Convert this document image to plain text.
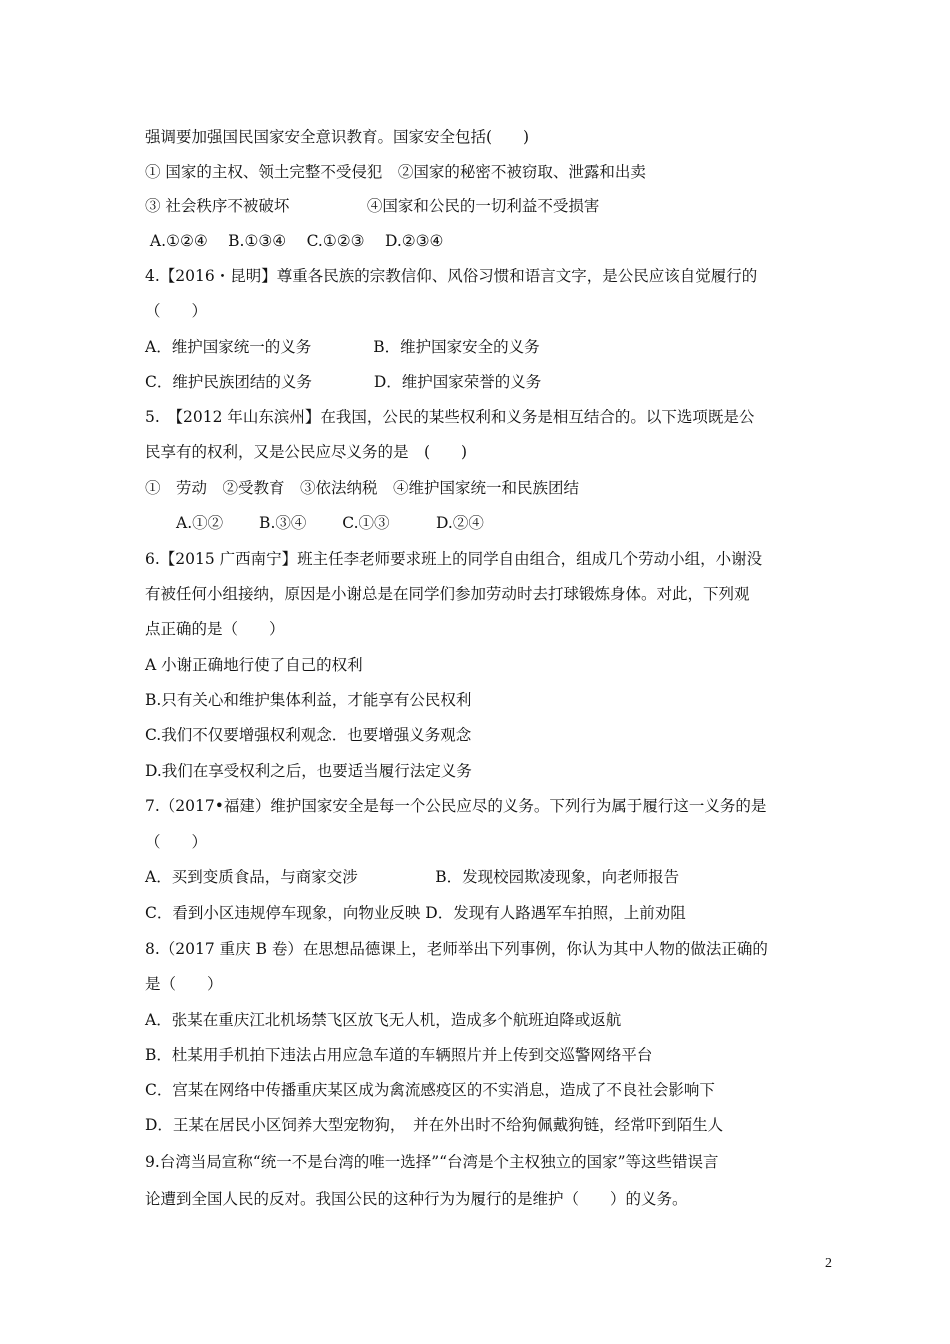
强调要加强国民国家安全意识教育。国家安全包括(　　)
① 国家的主权、领土完整不受侵犯　②国家的秘密不被窃取、泄露和出卖
③ 社会秩序不被破坏　　　　　④国家和公民的一切利益不受损害
A.①②④　 B.①③④　 C.①②③　 D.②③④
4.【2016・昆明】尊重各民族的宗教信仰、风俗习惯和语言文字，是公民应该自觉履行的
（　　）
A．维护国家统一的义务　　　　B．维护国家安全的义务
C．维护民族团结的义务　　　　D．维护国家荣誉的义务
5.　【2012 年山东滨州】在我国，公民的某些权利和义务是相互结合的。以下选项既是公
民享有的权利，又是公民应尽义务的是　(　　)
①　劳动　②受教育　③依法纳税　④维护国家统一和民族团结
　　A.①②　　 B.③④　　 C.①③　　　D.②④
6.【2015 广西南宁】班主任李老师要求班上的同学自由组合，组成几个劳动小组，小谢没
有被任何小组接纳，原因是小谢总是在同学们参加劳动时去打球锻炼身体。对此，下列观
点正确的是（　　）
A 小谢正确地行使了自己的权利
B.只有关心和维护集体利益，才能享有公民权利
C.我们不仅要增强权利观念．也要增强义务观念
D.我们在享受权利之后，也要适当履行法定义务
7.（2017•福建）维护国家安全是每一个公民应尽的义务。下列行为属于履行这一义务的是
（　　）
A．买到变质食品，与商家交涉　　　　　B．发现校园欺凌现象，向老师报告
C．看到小区违规停车现象，向物业反映 D．发现有人路遇军车拍照，上前劝阻
8.（2017 重庆 B 卷）在思想品德课上，老师举出下列事例，你认为其中人物的做法正确的
是（　　）
A．张某在重庆江北机场禁飞区放飞无人机，造成多个航班迫降或返航
B．杜某用手机拍下违法占用应急车道的车辆照片并上传到交巡警网络平台
C．宫某在网络中传播重庆某区成为禽流感疫区的不实消息，造成了不良社会影响下
D．王某在居民小区饲养大型宠物狗，　并在外出时不给狗佩戴狗链，经常吓到陌生人
9.台湾当局宣称“统一不是台湾的唯一选择”“台湾是个主权独立的国家”等这些错误言
论遭到全国人民的反对。我国公民的这种行为为履行的是维护（　　）的义务。
2
